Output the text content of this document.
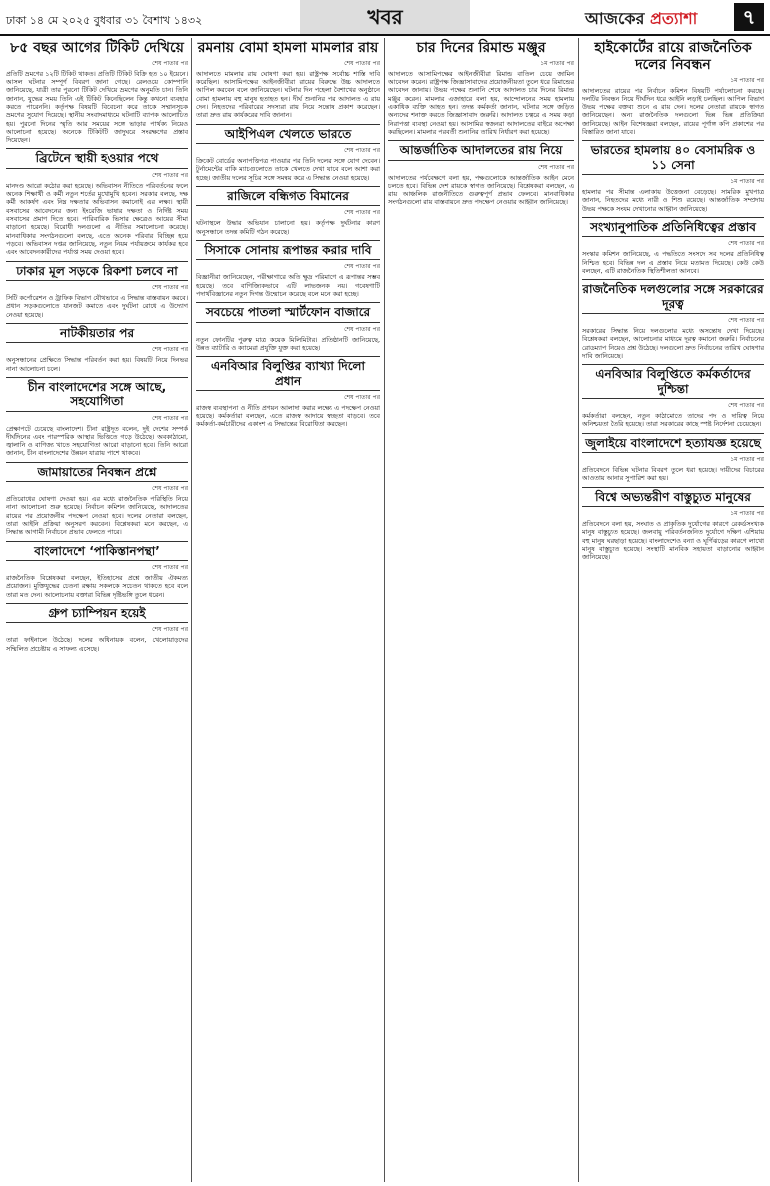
ঢাকা ১৪ মে ২০২৫ বুধবার ৩১ বৈশাখ ১৪৩২	খবর	আজকের প্রত্যাশা	৭
৮৫ বছর আগের টিকিট দেখিয়ে
শেষ পাতার পর
প্রতিটি ভ্রমণের ১২টি টিকিট থাকত। প্রতিটি টিকিট বিক্রি হত ১০ ইয়েনে। আসল ঘটনার সম্পূর্ণ বিবরণ জানা গেছে। রেলওয়ে কোম্পানি জানিয়েছে, যাত্রী তার পুরনো টিকিট দেখিয়ে ভ্রমণের অনুমতি চান। তিনি জানান, যুদ্ধের সময় তিনি এই টিকিট কিনেছিলেন কিন্তু কখনো ব্যবহার করতে পারেননি। কর্তৃপক্ষ বিষয়টি বিবেচনা করে তাকে সম্মানসূচক ভ্রমণের সুযোগ দিয়েছে। স্থানীয় সংবাদমাধ্যমে ঘটনাটি ব্যাপক আলোচিত হয়। পুরনো দিনের স্মৃতি আর সময়ের সঙ্গে ভাড়ার পার্থক্য নিয়েও আলোচনা হয়েছে। অনেকে টিকিটটি জাদুঘরে সংরক্ষণের প্রস্তাব দিয়েছেন।
ব্রিটেনে স্থায়ী হওয়ার পথে
শেষ পাতার পর
মানদণ্ড আরো কঠোর করা হয়েছে। অভিবাসন নীতিতে পরিবর্তনের ফলে অনেক শিক্ষার্থী ও কর্মী নতুন শর্তের মুখোমুখি হবেন। সরকার বলছে, দক্ষ কর্মী আকর্ষণ এবং নিম্ন দক্ষতার অভিবাসন কমানোই এর লক্ষ্য। স্থায়ী বসবাসের আবেদনের জন্য ইংরেজি ভাষার দক্ষতা ও নির্দিষ্ট সময় বসবাসের প্রমাণ দিতে হবে। পারিবারিক ভিসার ক্ষেত্রেও আয়ের সীমা বাড়ানো হয়েছে। বিরোধী দলগুলো এ নীতির সমালোচনা করেছে। মানবাধিকার সংগঠনগুলো বলছে, এতে অনেক পরিবার বিচ্ছিন্ন হয়ে পড়বে। অভিবাসন দপ্তর জানিয়েছে, নতুন নিয়ম পর্যায়ক্রমে কার্যকর হবে এবং আবেদনকারীদের পর্যাপ্ত সময় দেওয়া হবে।
ঢাকার মূল সড়কে রিকশা চলবে না
শেষ পাতার পর
সিটি কর্পোরেশন ও ট্রাফিক বিভাগ যৌথভাবে এ সিদ্ধান্ত বাস্তবায়ন করবে। প্রধান সড়কগুলোতে যানজট কমাতে এবং দুর্ঘটনা রোধে এ উদ্যোগ নেওয়া হয়েছে।
নাটকীয়তার পর
শেষ পাতার পর
অনুসন্ধানের প্রেক্ষিতে সিদ্ধান্ত পরিবর্তন করা হয়। বিষয়টি নিয়ে দিনভর নানা আলোচনা চলে।
চীন বাংলাদেশের সঙ্গে আছে, সহযোগিতা
শেষ পাতার পর
প্রেক্ষাপটে চেয়েছে বাংলাদেশ। চীনা রাষ্ট্রদূত বলেন, দুই দেশের সম্পর্ক দীর্ঘদিনের এবং পারস্পরিক আস্থার ভিত্তিতে গড়ে উঠেছে। অবকাঠামো, জ্বালানি ও বাণিজ্য খাতে সহযোগিতা আরো বাড়ানো হবে। তিনি আরো জানান, চীন বাংলাদেশের উন্নয়ন যাত্রায় পাশে থাকবে।
জামায়াতের নিবন্ধন প্রশ্নে
শেষ পাতার পর
প্রতিরোধের ঘোষণা দেওয়া হয়। এর মধ্যে রাজনৈতিক পরিস্থিতি নিয়ে নানা আলোচনা শুরু হয়েছে। নির্বাচন কমিশন জানিয়েছে, আদালতের রায়ের পর প্রয়োজনীয় পদক্ষেপ নেওয়া হবে। দলের নেতারা বলছেন, তারা আইনি প্রক্রিয়া অনুসরণ করবেন। বিশ্লেষকরা মনে করছেন, এ সিদ্ধান্ত আগামী নির্বাচনে প্রভাব ফেলতে পারে।
বাংলাদেশে ‘পাকিস্তানপন্থা’
শেষ পাতার পর
রাজনৈতিক বিশ্লেষকরা বলছেন, ইতিহাসের প্রশ্নে জাতীয় ঐকমত্য প্রয়োজন। মুক্তিযুদ্ধের চেতনা রক্ষায় সকলকে সচেতন থাকতে হবে বলে তারা মত দেন। আলোচনায় বক্তারা বিভিন্ন দৃষ্টিভঙ্গি তুলে ধরেন।
গ্রুপ চ্যাম্পিয়ন হয়েই
শেষ পাতার পর
তারা ফাইনালে উঠেছে। দলের অধিনায়ক বলেন, খেলোয়াড়দের সম্মিলিত প্রচেষ্টায় এ সাফল্য এসেছে।
রমনায় বোমা হামলা মামলার রায়
শেষ পাতার পর
আদালতে মামলার রায় ঘোষণা করা হয়। রাষ্ট্রপক্ষ সর্বোচ্চ শাস্তি দাবি করেছিল। আসামিপক্ষের আইনজীবীরা রায়ের বিরুদ্ধে উচ্চ আদালতে আপিল করবেন বলে জানিয়েছেন। ঘটনার দিন পহেলা বৈশাখের অনুষ্ঠানে বোমা হামলায় বহু মানুষ হতাহত হন। দীর্ঘ শুনানির পর আদালত এ রায় দেন। নিহতদের পরিবারের সদস্যরা রায় নিয়ে সন্তোষ প্রকাশ করেছেন। তারা দ্রুত রায় কার্যকরের দাবি জানান।
আইপিএল খেলতে ভারতে
শেষ পাতার পর
ক্রিকেট বোর্ডের অনাপত্তিপত্র পাওয়ার পর তিনি দলের সঙ্গে যোগ দেবেন। টুর্নামেন্টের বাকি ম্যাচগুলোতে তাকে খেলতে দেখা যাবে বলে আশা করা হচ্ছে। জাতীয় দলের সূচির সঙ্গে সমন্বয় করে এ সিদ্ধান্ত নেওয়া হয়েছে।
রাজিলে বন্ধিগত বিমানের
শেষ পাতার পর
ঘটনাস্থলে উদ্ধার অভিযান চালানো হয়। কর্তৃপক্ষ দুর্ঘটনার কারণ অনুসন্ধানে তদন্ত কমিটি গঠন করেছে।
সিসাকে সোনায় রূপান্তর করার দাবি
শেষ পাতার পর
বিজ্ঞানীরা জানিয়েছেন, পরীক্ষাগারে অতি ক্ষুদ্র পরিমাণে এ রূপান্তর সম্ভব হয়েছে। তবে বাণিজ্যিকভাবে এটি লাভজনক নয়। গবেষণাটি পদার্থবিজ্ঞানের নতুন দিগন্ত উন্মোচন করেছে বলে মনে করা হচ্ছে।
সবচেয়ে পাতলা স্মার্টফোন বাজারে
শেষ পাতার পর
নতুন ফোনটির পুরুত্ব মাত্র কয়েক মিলিমিটার। প্রতিষ্ঠানটি জানিয়েছে, উন্নত ব্যাটারি ও ক্যামেরা প্রযুক্তি যুক্ত করা হয়েছে।
এনবিআর বিলুপ্তির ব্যাখ্যা দিলো প্রধান
শেষ পাতার পর
রাজস্ব ব্যবস্থাপনা ও নীতি প্রণয়ন আলাদা করার লক্ষ্যে এ পদক্ষেপ নেওয়া হয়েছে। কর্মকর্তারা বলছেন, এতে রাজস্ব আদায়ে স্বচ্ছতা বাড়বে। তবে কর্মকর্তা-কর্মচারীদের একাংশ এ সিদ্ধান্তের বিরোধিতা করছেন।
চার দিনের রিমান্ড মঞ্জুর
১ম পাতার পর
আদালতে আসামিপক্ষের আইনজীবীরা রিমান্ড বাতিল চেয়ে জামিন আবেদন করেন। রাষ্ট্রপক্ষ জিজ্ঞাসাবাদের প্রয়োজনীয়তা তুলে ধরে রিমান্ডের আবেদন জানায়। উভয় পক্ষের শুনানি শেষে আদালত চার দিনের রিমান্ড মঞ্জুর করেন। মামলার এজাহারে বলা হয়, আন্দোলনের সময় হামলায় একাধিক ব্যক্তি আহত হন। তদন্ত কর্মকর্তা জানান, ঘটনার সঙ্গে জড়িত অন্যদের শনাক্ত করতে জিজ্ঞাসাবাদ জরুরি। আদালত চত্বরে এ সময় কড়া নিরাপত্তা ব্যবস্থা নেওয়া হয়। আসামির স্বজনরা আদালতের বাইরে অপেক্ষা করছিলেন। মামলার পরবর্তী শুনানির তারিখ নির্ধারণ করা হয়েছে।
আন্তর্জাতিক আদালতের রায় নিয়ে
শেষ পাতার পর
আদালতের পর্যবেক্ষণে বলা হয়, পক্ষগুলোকে আন্তর্জাতিক আইন মেনে চলতে হবে। বিভিন্ন দেশ রায়কে স্বাগত জানিয়েছে। বিশ্লেষকরা বলছেন, এ রায় আঞ্চলিক রাজনীতিতে গুরুত্বপূর্ণ প্রভাব ফেলবে। মানবাধিকার সংগঠনগুলো রায় বাস্তবায়নে দ্রুত পদক্ষেপ নেওয়ার আহ্বান জানিয়েছে।
হাইকোর্টের রায়ে রাজনৈতিক দলের নিবন্ধন
১ম পাতার পর
আদালতের রায়ের পর নির্বাচন কমিশন বিষয়টি পর্যালোচনা করছে। দলটির নিবন্ধন নিয়ে দীর্ঘদিন ধরে আইনি লড়াই চলছিল। আপিল বিভাগ উভয় পক্ষের বক্তব্য শুনে এ রায় দেন। দলের নেতারা রায়কে স্বাগত জানিয়েছেন। অন্য রাজনৈতিক দলগুলো ভিন্ন ভিন্ন প্রতিক্রিয়া জানিয়েছে। আইন বিশেষজ্ঞরা বলছেন, রায়ের পূর্ণাঙ্গ কপি প্রকাশের পর বিস্তারিত জানা যাবে।
ভারতের হামলায় ৪০ বেসামরিক ও ১১ সেনা
১ম পাতার পর
হামলার পর সীমান্ত এলাকায় উত্তেজনা বেড়েছে। সামরিক মুখপাত্র জানান, নিহতদের মধ্যে নারী ও শিশু রয়েছে। আন্তর্জাতিক সম্প্রদায় উভয় পক্ষকে সংযম দেখানোর আহ্বান জানিয়েছে।
সংখ্যানুপাতিক প্রতিনিধিত্বের প্রস্তাব
শেষ পাতার পর
সংস্কার কমিশন জানিয়েছে, এ পদ্ধতিতে সংসদে সব দলের প্রতিনিধিত্ব নিশ্চিত হবে। বিভিন্ন দল এ প্রস্তাব নিয়ে মতামত দিয়েছে। কেউ কেউ বলছেন, এটি রাজনৈতিক স্থিতিশীলতা আনবে।
রাজনৈতিক দলগুলোর সঙ্গে সরকারের দূরত্ব
শেষ পাতার পর
সরকারের সিদ্ধান্ত নিয়ে দলগুলোর মধ্যে অসন্তোষ দেখা দিয়েছে। বিশ্লেষকরা বলছেন, আলোচনার মাধ্যমে দূরত্ব কমানো জরুরি। নির্বাচনের রোডম্যাপ নিয়েও প্রশ্ন উঠেছে। দলগুলো দ্রুত নির্বাচনের তারিখ ঘোষণার দাবি জানিয়েছে।
এনবিআর বিলুপ্তিতে কর্মকর্তাদের দুশ্চিন্তা
শেষ পাতার পর
কর্মকর্তারা বলছেন, নতুন কাঠামোতে তাদের পদ ও দায়িত্ব নিয়ে অনিশ্চয়তা তৈরি হয়েছে। তারা সরকারের কাছে স্পষ্ট নির্দেশনা চেয়েছেন।
জুলাইয়ে বাংলাদেশে হত্যাযজ্ঞ হয়েছে
১ম পাতার পর
প্রতিবেদনে বিভিন্ন ঘটনার বিবরণ তুলে ধরা হয়েছে। দায়ীদের বিচারের আওতায় আনার সুপারিশ করা হয়।
বিশ্বে অভ্যন্তরীণ বাস্তুচ্যুত মানুষের
১ম পাতার পর
প্রতিবেদনে বলা হয়, সংঘাত ও প্রাকৃতিক দুর্যোগের কারণে রেকর্ডসংখ্যক মানুষ বাস্তুচ্যুত হয়েছে। জলবায়ু পরিবর্তনজনিত দুর্যোগে দক্ষিণ এশিয়ায় বহু মানুষ ঘরছাড়া হয়েছে। বাংলাদেশেও বন্যা ও ঘূর্ণিঝড়ের কারণে লাখো মানুষ বাস্তুচ্যুত হয়েছে। সংস্থাটি মানবিক সহায়তা বাড়ানোর আহ্বান জানিয়েছে।
